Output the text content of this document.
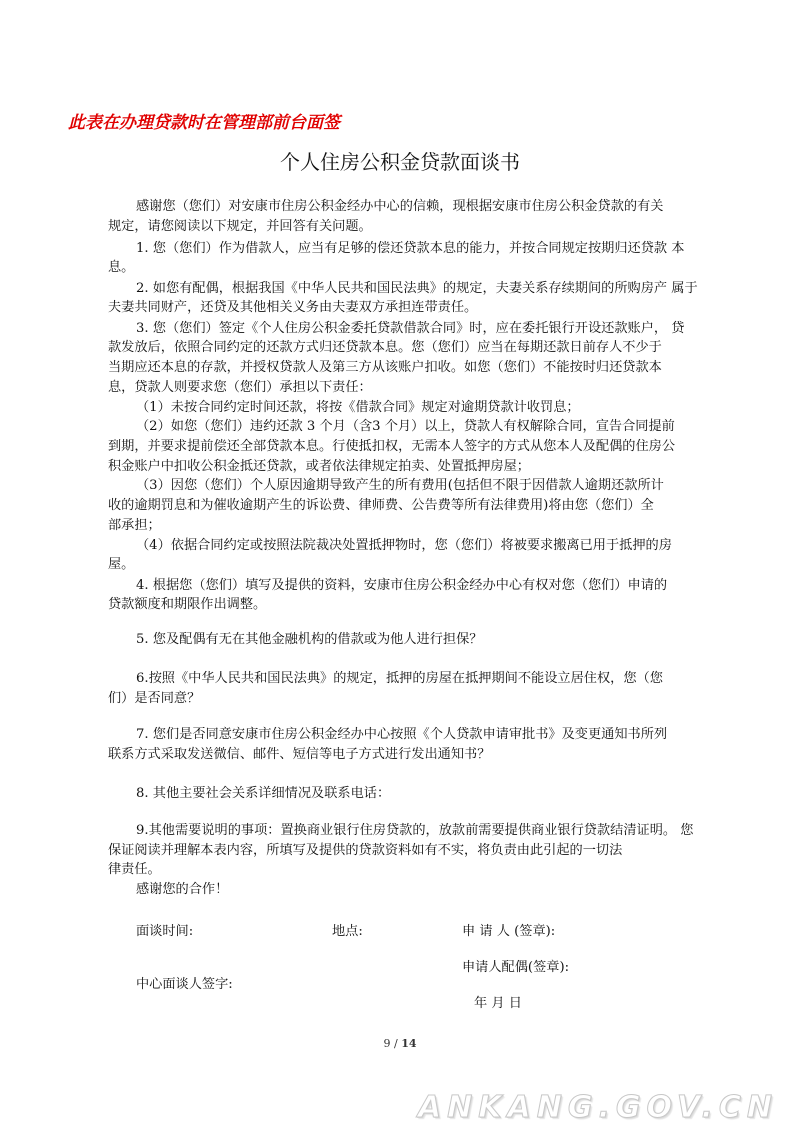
此表在办理贷款时在管理部前台面签
个人住房公积金贷款面谈书
感谢您（您们）对安康市住房公积金经办中心的信赖，现根据安康市住房公积金贷款的有关
规定，请您阅读以下规定，并回答有关问题。
1. 您（您们）作为借款人，应当有足够的偿还贷款本息的能力，并按合同规定按期归还贷款 本
息。
2. 如您有配偶，根据我国《中华人民共和国民法典》的规定，夫妻关系存续期间的所购房产 属于
夫妻共同财产，还贷及其他相关义务由夫妻双方承担连带责任。
3. 您（您们）签定《个人住房公积金委托贷款借款合同》时，应在委托银行开设还款账户， 贷
款发放后，依照合同约定的还款方式归还贷款本息。您（您们）应当在每期还款日前存人不少于
当期应还本息的存款，并授权贷款人及第三方从该账户扣收。如您（您们）不能按时归还贷款本
息，贷款人则要求您（您们）承担以下责任：
（1）未按合同约定时间还款，将按《借款合同》规定对逾期贷款计收罚息；
（2）如您（您们）违约还款 3 个月（含3 个月）以上，贷款人有权解除合同，宣告合同提前
到期，并要求提前偿还全部贷款本息。行使抵扣权，无需本人签字的方式从您本人及配偶的住房公
积金账户中扣收公积金抵还贷款，或者依法律规定拍卖、处置抵押房屋；
（3）因您（您们）个人原因逾期导致产生的所有费用(包括但不限于因借款人逾期还款所计
收的逾期罚息和为催收逾期产生的诉讼费、律师费、公告费等所有法律费用)将由您（您们）全
部承担；
（4）依据合同约定或按照法院裁决处置抵押物时，您（您们）将被要求搬离已用于抵押的房
屋。
4. 根据您（您们）填写及提供的资料，安康市住房公积金经办中心有权对您（您们）申请的
贷款额度和期限作出调整。
5. 您及配偶有无在其他金融机构的借款或为他人进行担保？
6.按照《中华人民共和国民法典》的规定，抵押的房屋在抵押期间不能设立居住权，您（您
们）是否同意？
7. 您们是否同意安康市住房公积金经办中心按照《个人贷款申请审批书》及变更通知书所列
联系方式采取发送微信、邮件、短信等电子方式进行发出通知书？
8. 其他主要社会关系详细情况及联系电话：
9.其他需要说明的事项：置换商业银行住房贷款的，放款前需要提供商业银行贷款结清证明。 您
保证阅读并理解本表内容，所填写及提供的贷款资料如有不实，将负责由此引起的一切法
律责任。
感谢您的合作！
面谈时间:	地点:	申 请 人 (签章):
申请人配偶(签章):
中心面谈人签字:
年 月 日
9 / 14
ANKANG.GOV.CN
